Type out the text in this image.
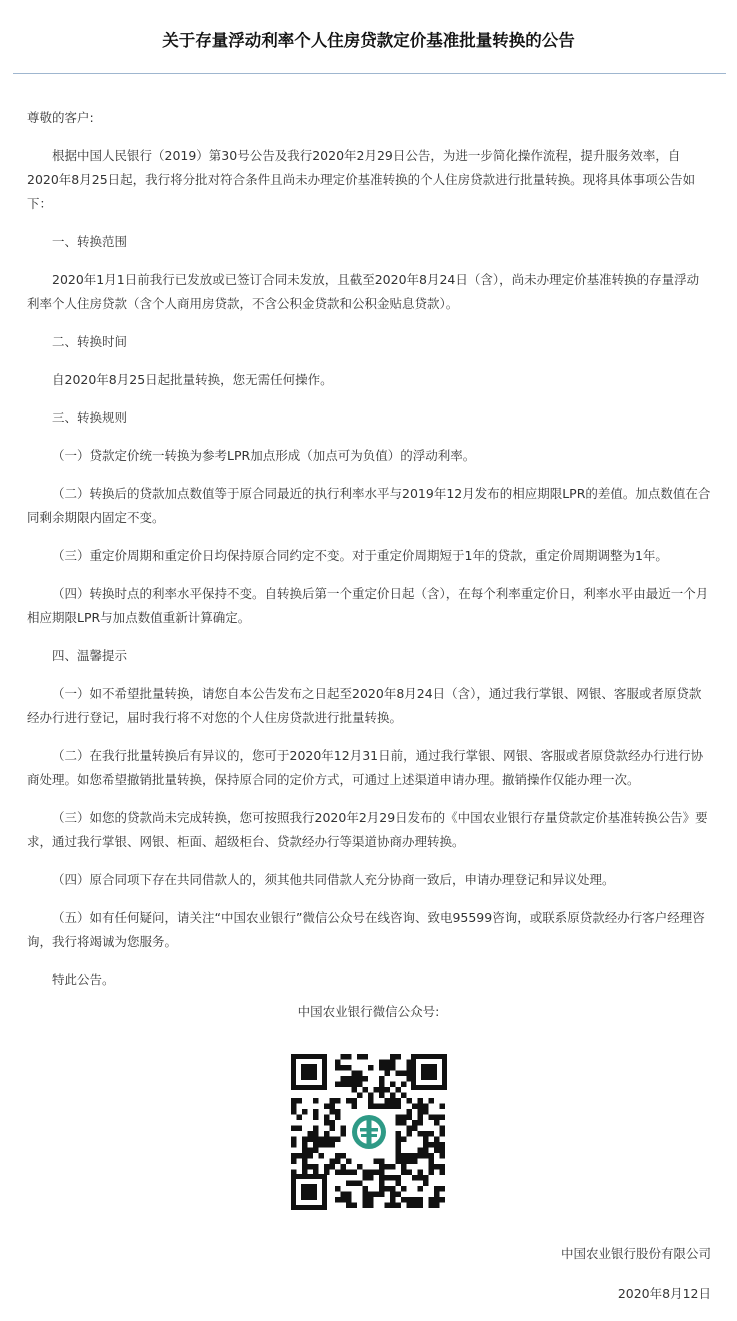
关于存量浮动利率个人住房贷款定价基准批量转换的公告

尊敬的客户:

根据中国人民银行（2019）第30号公告及我行2020年2月29日公告，为进一步简化操作流程，提升服务效率，自2020年8月25日起，我行将分批对符合条件且尚未办理定价基准转换的个人住房贷款进行批量转换。现将具体事项公告如下：

一、转换范围

2020年1月1日前我行已发放或已签订合同未发放，且截至2020年8月24日（含），尚未办理定价基准转换的存量浮动利率个人住房贷款（含个人商用房贷款，不含公积金贷款和公积金贴息贷款）。

二、转换时间

自2020年8月25日起批量转换，您无需任何操作。

三、转换规则

（一）贷款定价统一转换为参考LPR加点形成（加点可为负值）的浮动利率。

（二）转换后的贷款加点数值等于原合同最近的执行利率水平与2019年12月发布的相应期限LPR的差值。加点数值在合同剩余期限内固定不变。

（三）重定价周期和重定价日均保持原合同约定不变。对于重定价周期短于1年的贷款，重定价周期调整为1年。

（四）转换时点的利率水平保持不变。自转换后第一个重定价日起（含），在每个利率重定价日，利率水平由最近一个月相应期限LPR与加点数值重新计算确定。

四、温馨提示

（一）如不希望批量转换，请您自本公告发布之日起至2020年8月24日（含），通过我行掌银、网银、客服或者原贷款经办行进行登记，届时我行将不对您的个人住房贷款进行批量转换。

（二）在我行批量转换后有异议的，您可于2020年12月31日前，通过我行掌银、网银、客服或者原贷款经办行进行协商处理。如您希望撤销批量转换，保持原合同的定价方式，可通过上述渠道申请办理。撤销操作仅能办理一次。

（三）如您的贷款尚未完成转换，您可按照我行2020年2月29日发布的《中国农业银行存量贷款定价基准转换公告》要求，通过我行掌银、网银、柜面、超级柜台、贷款经办行等渠道协商办理转换。

（四）原合同项下存在共同借款人的，须其他共同借款人充分协商一致后，申请办理登记和异议处理。

（五）如有任何疑问，请关注“中国农业银行”微信公众号在线咨询、致电95599咨询，或联系原贷款经办行客户经理咨询，我行将竭诚为您服务。

特此公告。

中国农业银行微信公众号:
中国农业银行股份有限公司
2020年8月12日
